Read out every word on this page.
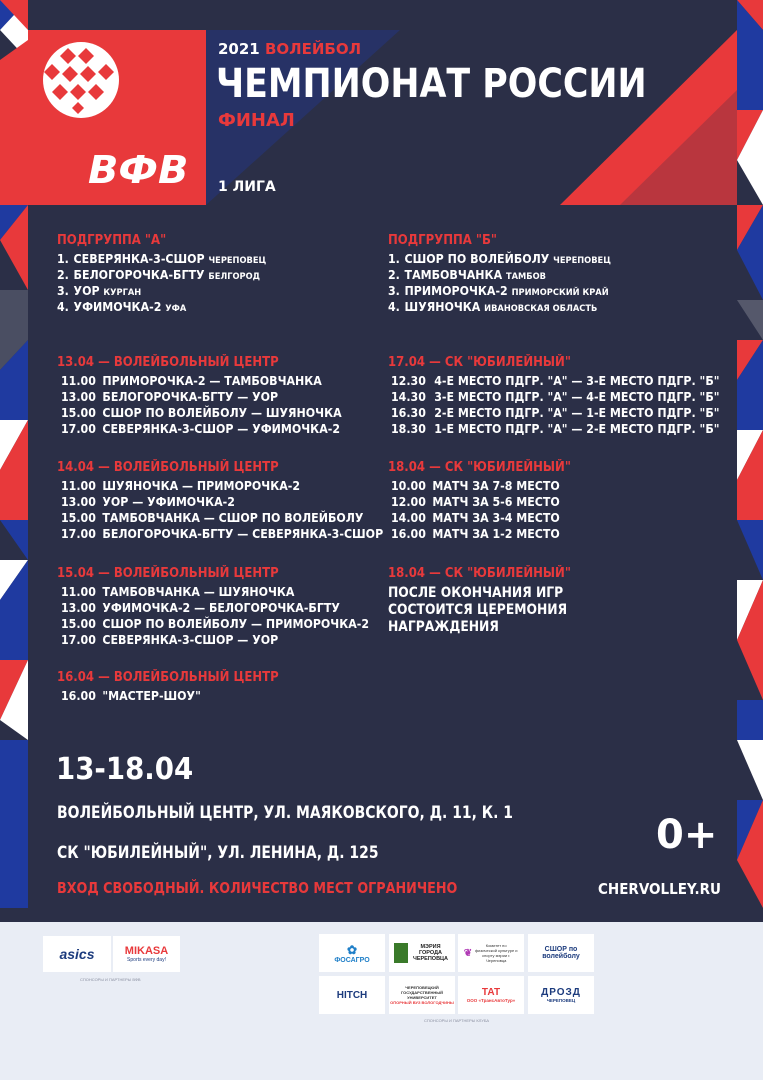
ВФВ
2021 ВОЛЕЙБОЛ
ЧЕМПИОНАТ РОССИИ
ФИНАЛ
1 ЛИГА
ПОДГРУППА "А"
1. СЕВЕРЯНКА-3-СШОР ЧЕРЕПОВЕЦ
2. БЕЛОГОРОЧКА-БГТУ БЕЛГОРОД
3. УОР КУРГАН
4. УФИМОЧКА-2 УФА
ПОДГРУППА "Б"
1. СШОР ПО ВОЛЕЙБОЛУ ЧЕРЕПОВЕЦ
2. ТАМБОВЧАНКА ТАМБОВ
3. ПРИМОРОЧКА-2 ПРИМОРСКИЙ КРАЙ
4. ШУЯНОЧКА ИВАНОВСКАЯ ОБЛАСТЬ
13.04 — ВОЛЕЙБОЛЬНЫЙ ЦЕНТР
11.00 ПРИМОРОЧКА-2 — ТАМБОВЧАНКА
13.00 БЕЛОГОРОЧКА-БГТУ — УОР
15.00 СШОР ПО ВОЛЕЙБОЛУ — ШУЯНОЧКА
17.00 СЕВЕРЯНКА-3-СШОР — УФИМОЧКА-2
14.04 — ВОЛЕЙБОЛЬНЫЙ ЦЕНТР
11.00 ШУЯНОЧКА — ПРИМОРОЧКА-2
13.00 УОР — УФИМОЧКА-2
15.00 ТАМБОВЧАНКА — СШОР ПО ВОЛЕЙБОЛУ
17.00 БЕЛОГОРОЧКА-БГТУ — СЕВЕРЯНКА-3-СШОР
15.04 — ВОЛЕЙБОЛЬНЫЙ ЦЕНТР
11.00 ТАМБОВЧАНКА — ШУЯНОЧКА
13.00 УФИМОЧКА-2 — БЕЛОГОРОЧКА-БГТУ
15.00 СШОР ПО ВОЛЕЙБОЛУ — ПРИМОРОЧКА-2
17.00 СЕВЕРЯНКА-3-СШОР — УОР
16.04 — ВОЛЕЙБОЛЬНЫЙ ЦЕНТР
16.00 "МАСТЕР-ШОУ"
17.04 — СК "ЮБИЛЕЙНЫЙ"
12.30 4-Е МЕСТО ПДГР. "А" — 3-Е МЕСТО ПДГР. "Б"
14.30 3-Е МЕСТО ПДГР. "А" — 4-Е МЕСТО ПДГР. "Б"
16.30 2-Е МЕСТО ПДГР. "А" — 1-Е МЕСТО ПДГР. "Б"
18.30 1-Е МЕСТО ПДГР. "А" — 2-Е МЕСТО ПДГР. "Б"
18.04 — СК "ЮБИЛЕЙНЫЙ"
10.00 МАТЧ ЗА 7-8 МЕСТО
12.00 МАТЧ ЗА 5-6 МЕСТО
14.00 МАТЧ ЗА 3-4 МЕСТО
16.00 МАТЧ ЗА 1-2 МЕСТО
18.04 — СК "ЮБИЛЕЙНЫЙ"
ПОСЛЕ ОКОНЧАНИЯ ИГР
СОСТОИТСЯ ЦЕРЕМОНИЯ
НАГРАЖДЕНИЯ
13-18.04
ВОЛЕЙБОЛЬНЫЙ ЦЕНТР, УЛ. МАЯКОВСКОГО, Д. 11, К. 1
СК "ЮБИЛЕЙНЫЙ", УЛ. ЛЕНИНА, Д. 125
ВХОД СВОБОДНЫЙ. КОЛИЧЕСТВО МЕСТ ОГРАНИЧЕНО
0+
CHERVOLLEY.RU
asics	MIKASA
Sports every day!
СПОНСОРЫ И ПАРТНЕРЫ ВФВ
✿
ФОСАГРО
МЭРИЯ ГОРОДА ЧЕРЕПОВЦА
❦
Комитет по физической культуре и спорту мэрии г. Череповца
СШОР по волейболу
HITCH
ЧЕРЕПОВЕЦКИЙ ГОСУДАРСТВЕННЫЙ УНИВЕРСИТЕТ
ОПОРНЫЙ ВУЗ ВОЛОГОДЧИНЫ
ТАТ
ООО «ТрансАвтоТур»
ДРОЗД
ЧЕРЕПОВЕЦ
СПОНСОРЫ И ПАРТНЕРЫ КЛУБА
